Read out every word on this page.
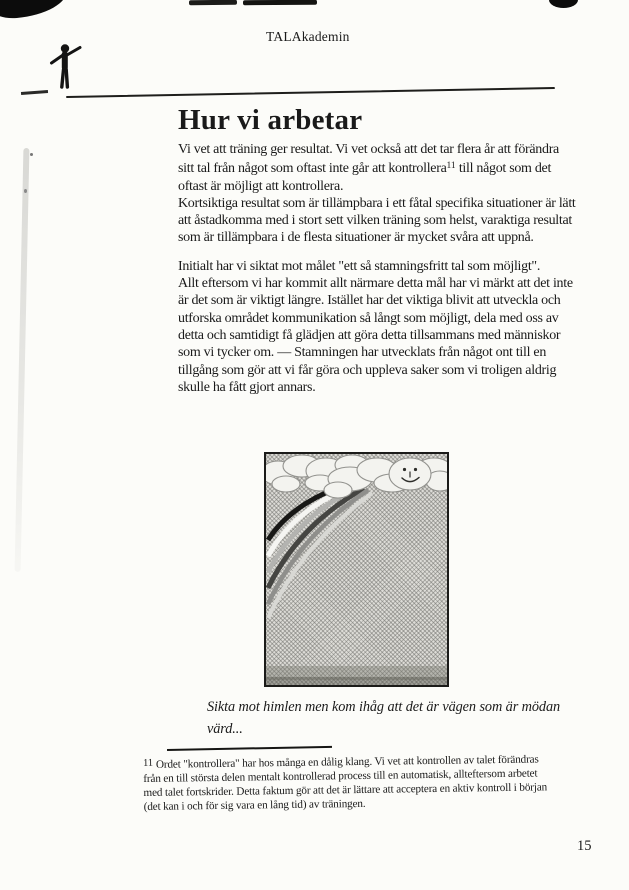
TALAkademin
Hur vi arbetar

Vi vet att träning ger resultat. Vi vet också att det tar flera år att förändra sitt tal från något som oftast inte går att kontrollera$^{11}$ till något som det oftast är möjligt att kontrollera.

Kortsiktiga resultat som är tillämpbara i ett fåtal specifika situationer är lätt att åstadkomma med i stort sett vilken träning som helst, varaktiga resultat som är tillämpbara i de flesta situationer är mycket svåra att uppnå.

Initialt har vi siktat mot målet "ett så stamningsfritt tal som möjligt".

Allt eftersom vi har kommit allt närmare detta mål har vi märkt att det inte är det som är viktigt längre. Istället har det viktiga blivit att utveckla och utforska området kommunikation så långt som möjligt, dela med oss av detta och samtidigt få glädjen att göra detta tillsammans med människor som vi tycker om. — Stamningen har utvecklats från något ont till en tillgång som gör att vi får göra och uppleva saker som vi troligen aldrig skulle ha fått gjort annars.

Sikta mot himlen men kom ihåg att det är vägen som är mödan värd...
11 Ordet "kontrollera" har hos många en dålig klang. Vi vet att kontrollen av talet förändras från en till största delen mentalt kontrollerad process till en automatisk, allteftersom arbetet med talet fortskrider. Detta faktum gör att det är lättare att acceptera en aktiv kontroll i början (det kan i och för sig vara en lång tid) av träningen.
15
